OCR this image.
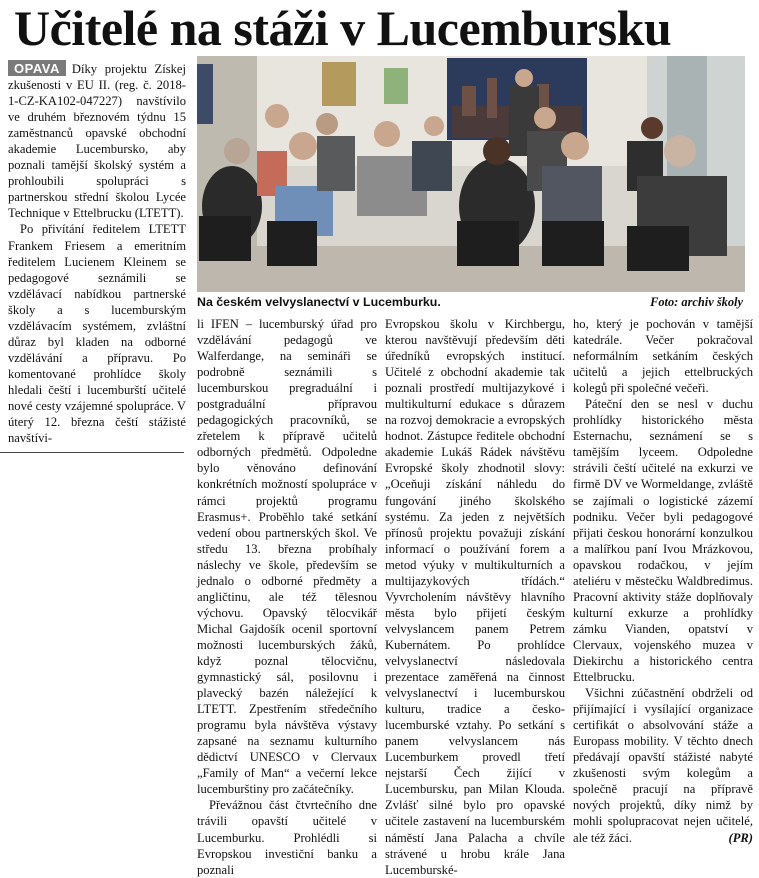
Učitelé na stáži v Lucembursku
Na českém velvyslanectví v Lucemburku.	Foto: archiv školy

OPAVA Díky projektu Získej zkušenosti v EU II. (reg. č. 2018-1-CZ-KA102-047227) navštívilo ve druhém březnovém týdnu 15 zaměstnanců opavské obchodní akademie Lucembursko, aby poznali tamější školský systém a prohloubili spolupráci s partnerskou střední školou Lycée Technique v Ettelbrucku (LTETT).

Po přivítání ředitelem LTETT Frankem Friesem a emeritním ředitelem Lucienem Kleinem se pedagogové seznámili se vzdělávací nabídkou partnerské školy a s lucemburským vzdělávacím systémem, zvláštní důraz byl kladen na odborné vzdělávání a přípravu. Po komentované prohlídce školy hledali čeští i lucemburští učitelé nové cesty vzájemné spolupráce. V úterý 12. března čeští stážisté navštívi-

li IFEN – lucemburský úřad pro vzdělávání pedagogů ve Walferdange, na semináři se podrobně seznámili s lucemburskou pregraduální i postgraduální přípravou pedagogických pracovníků, se zřetelem k přípravě učitelů odborných předmětů. Odpoledne bylo věnováno definování konkrétních možností spolupráce v rámci projektů programu Erasmus+. Proběhlo také setkání vedení obou partnerských škol. Ve středu 13. března probíhaly náslechy ve škole, především se jednalo o odborné předměty a angličtinu, ale též tělesnou výchovu. Opavský tělocvikář Michal Gajdošík ocenil sportovní možnosti lucemburských žáků, když poznal tělocvičnu, gymnastický sál, posilovnu i plavecký bazén náležející k LTETT. Zpestřením středečního programu byla návštěva výstavy zapsané na seznamu kulturního dědictví UNESCO v Clervaux „Family of Man“ a večerní lekce lucemburštiny pro začátečníky.

Převážnou část čtvrtečního dne trávili opavští učitelé v Lucemburku. Prohlédli si Evropskou investiční banku a poznali

Evropskou školu v Kirchbergu, kterou navštěvují především děti úředníků evropských institucí. Učitelé z obchodní akademie tak poznali prostředí multijazykové i multikulturní edukace s důrazem na rozvoj demokracie a evropských hodnot. Zástupce ředitele obchodní akademie Lukáš Rádek návštěvu Evropské školy zhodnotil slovy: „Oceňuji získání náhledu do fungování jiného školského systému. Za jeden z největších přínosů projektu považuji získání informací o používání forem a metod výuky v multikulturních a multijazykových třídách.“ Vyvrcholením návštěvy hlavního města bylo přijetí českým velvyslancem panem Petrem Kubernátem. Po prohlídce velvyslanectví následovala prezentace zaměřená na činnost velvyslanectví i lucemburskou kulturu, tradice a česko-lucemburské vztahy. Po setkání s panem velvyslancem nás Lucemburkem provedl třetí nejstarší Čech žijící v Lucembursku, pan Milan Klouda. Zvlášť silné bylo pro opavské učitele zastavení na lucemburském náměstí Jana Palacha a chvíle strávené u hrobu krále Jana Lucemburské-

ho, který je pochován v tamější katedrále. Večer pokračoval neformálním setkáním českých učitelů a jejich ettelbruckých kolegů při společné večeři.

Páteční den se nesl v duchu prohlídky historického města Esternachu, seznámení se s tamějším lyceem. Odpoledne strávili čeští učitelé na exkurzi ve firmě DV ve Wormeldange, zvláště se zajímali o logistické zázemí podniku. Večer byli pedagogové přijati českou honorární konzulkou a malířkou paní Ivou Mrázkovou, opavskou rodačkou, v jejím ateliéru v městečku Waldbredimus. Pracovní aktivity stáže doplňovaly kulturní exkurze a prohlídky zámku Vianden, opatství v Clervaux, vojenského muzea v Diekirchu a historického centra Ettelbrucku.

Všichni zúčastnění obdrželi od přijímající i vysílající organizace certifikát o absolvování stáže a Europass mobility. V těchto dnech předávají opavští stážisté nabyté zkušenosti svým kolegům a společně pracují na přípravě nových projektů, díky nimž by mohli spolupracovat nejen učitelé, ale též žáci.	(PR)
